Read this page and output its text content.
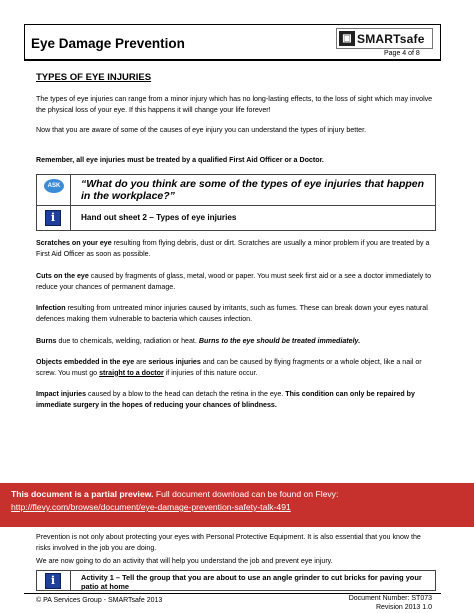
Eye Damage Prevention	▣ SMARTsafe
Page 4 of 8
TYPES OF EYE INJURIES
The types of eye injuries can range from a minor injury which has no long-lasting effects, to the loss of sight which may involve the physical loss of your eye. If this happens it will change your life forever!
Now that you are aware of some of the causes of eye injury you can understand the types of injury better.
Remember, all eye injuries must be treated by a qualified First Aid Officer or a Doctor.
ASK	“What do you think are some of the types of eye injuries that happen in the workplace?”
i	Hand out sheet 2 – Types of eye injuries
Scratches on your eye resulting from flying debris, dust or dirt. Scratches are usually a minor problem if you are treated by a First Aid Officer as soon as possible.
Cuts on the eye caused by fragments of glass, metal, wood or paper. You must seek first aid or a see a doctor immediately to reduce your chances of permanent damage.
Infection resulting from untreated minor injuries caused by irritants, such as fumes. These can break down your eyes natural defences making them vulnerable to bacteria which causes infection.
Burns due to chemicals, welding, radiation or heat. Burns to the eye should be treated immediately.
Objects embedded in the eye are serious injuries and can be caused by flying fragments or a whole object, like a nail or screw. You must go straight to a doctor if injuries of this nature occur.
Impact injuries caused by a blow to the head can detach the retina in the eye. This condition can only be repaired by immediate surgery in the hopes of reducing your chances of blindness.
This document is a partial preview. Full document download can be found on Flevy:
http://flevy.com/browse/document/eye-damage-prevention-safety-talk-491
Prevention is not only about protecting your eyes with Personal Protective Equipment. It is also essential that you know the risks involved in the job you are doing.
We are now going to do an activity that will help you understand the job and prevent eye injury.
© PA Services Group - SMARTsafe 2013	Document Number: ST073
Revision 2013 1.0
i	Activity 1 – Tell the group that you are about to use an angle grinder to cut bricks for paving your patio at home
